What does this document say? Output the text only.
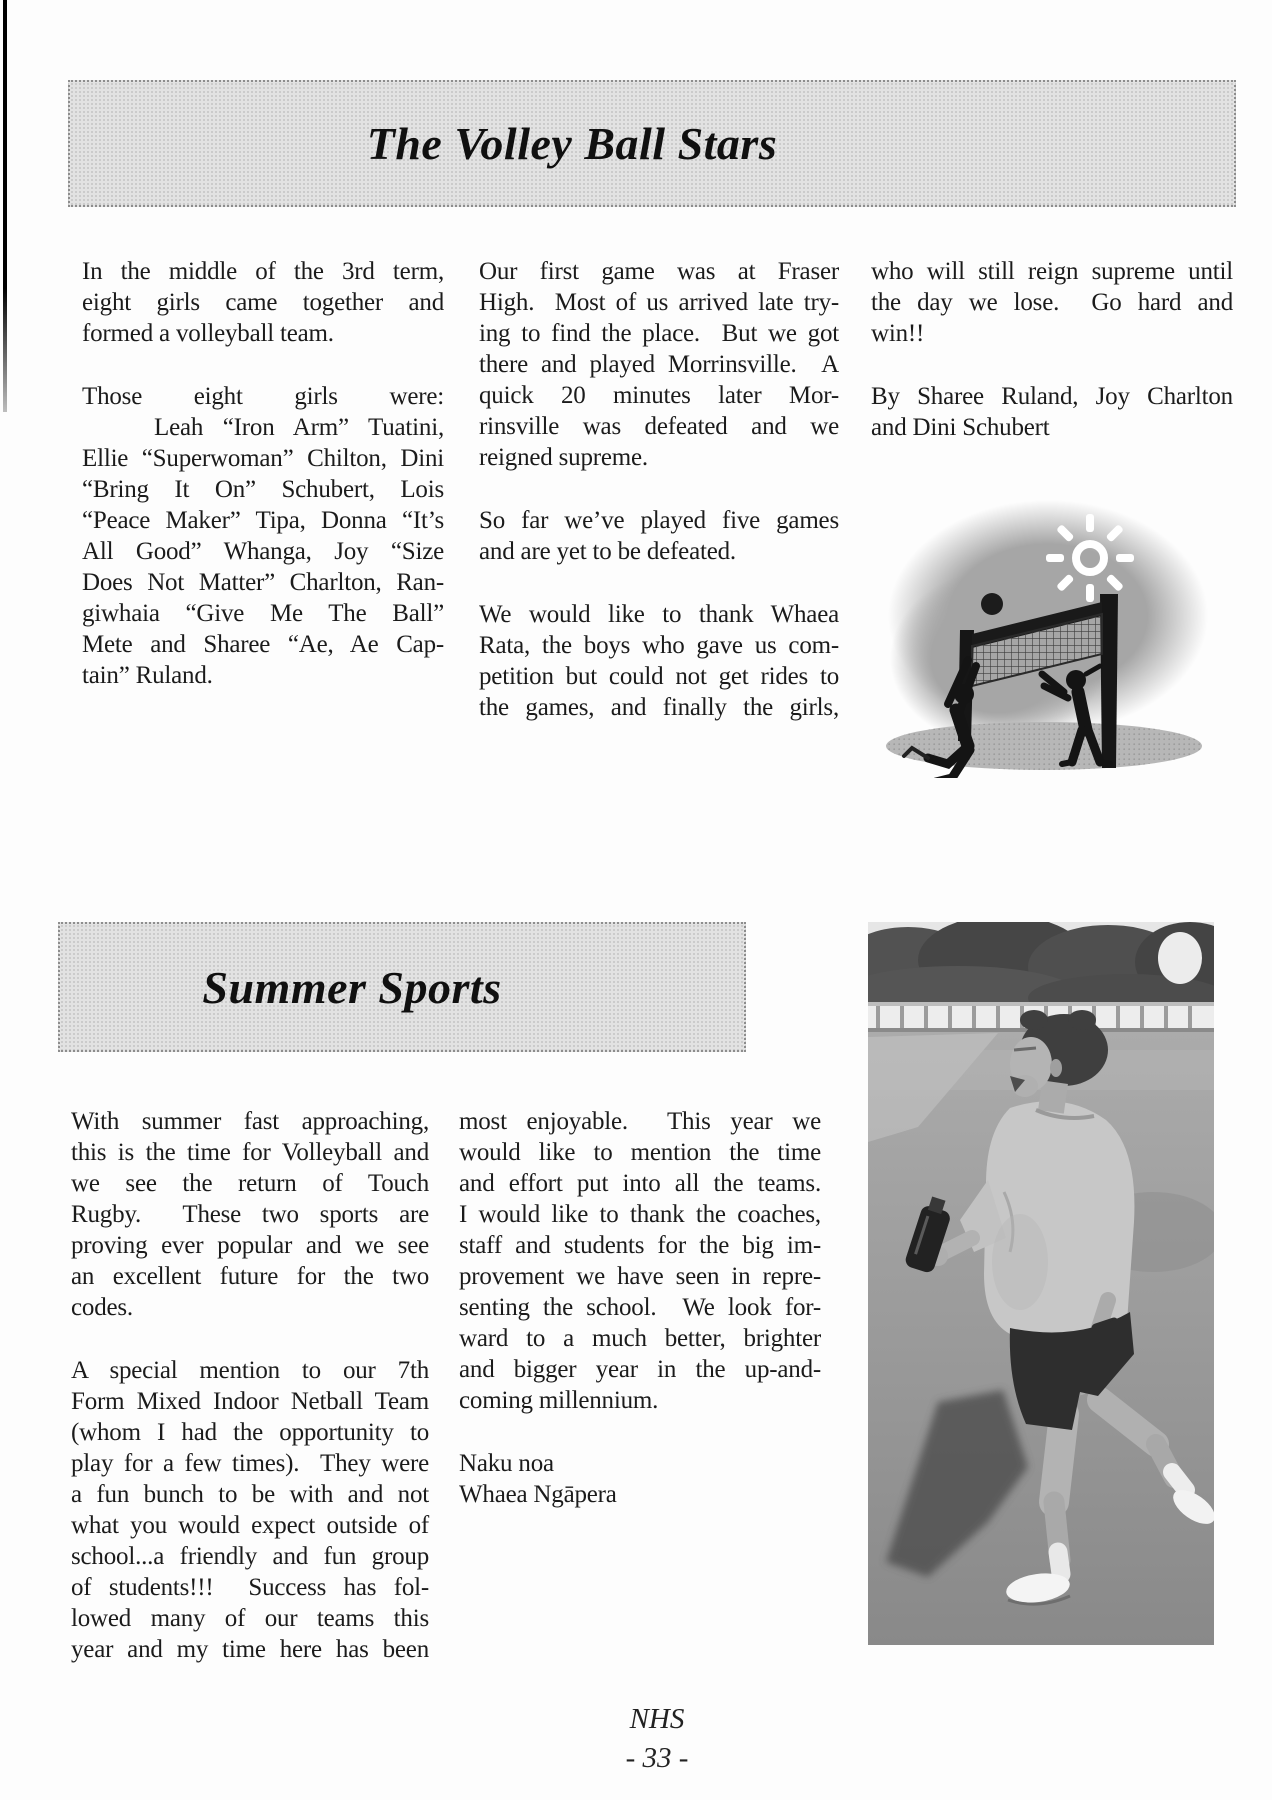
The Volley Ball Stars
In the middle of the 3rd term,
eight girls came together and
formed a volleyball team.
Those eight girls were:
Leah “Iron Arm” Tuatini,
Ellie “Superwoman” Chilton, Dini
“Bring It On” Schubert, Lois
“Peace Maker” Tipa, Donna “It’s
All Good” Whanga, Joy “Size
Does Not Matter” Charlton, Ran-
giwhaia “Give Me The Ball”
Mete and Sharee “Ae, Ae Cap-
tain” Ruland.
Our first game was at Fraser
High.  Most of us arrived late try-
ing to find the place.  But we got
there and played Morrinsville.  A
quick 20 minutes later Mor-
rinsville was defeated and we
reigned supreme.
So far we’ve played five games
and are yet to be defeated.
We would like to thank Whaea
Rata, the boys who gave us com-
petition but could not get rides to
the games, and finally the girls,
who will still reign supreme until
the day we lose.  Go hard and
win!!
By Sharee Ruland, Joy Charlton
and Dini Schubert
Summer Sports
With summer fast approaching,
this is the time for Volleyball and
we see the return of Touch
Rugby.  These two sports are
proving ever popular and we see
an excellent future for the two
codes.
A special mention to our 7th
Form Mixed Indoor Netball Team
(whom I had the opportunity to
play for a few times).  They were
a fun bunch to be with and not
what you would expect outside of
school...a friendly and fun group
of students!!!  Success has fol-
lowed many of our teams this
year and my time here has been
most enjoyable.  This year we
would like to mention the time
and effort put into all the teams.
I would like to thank the coaches,
staff and students for the big im-
provement we have seen in repre-
senting the school.  We look for-
ward to a much better, brighter
and bigger year in the up-and-
coming millennium.
Naku noa
Whaea Ngāpera
NHS
- 33 -
